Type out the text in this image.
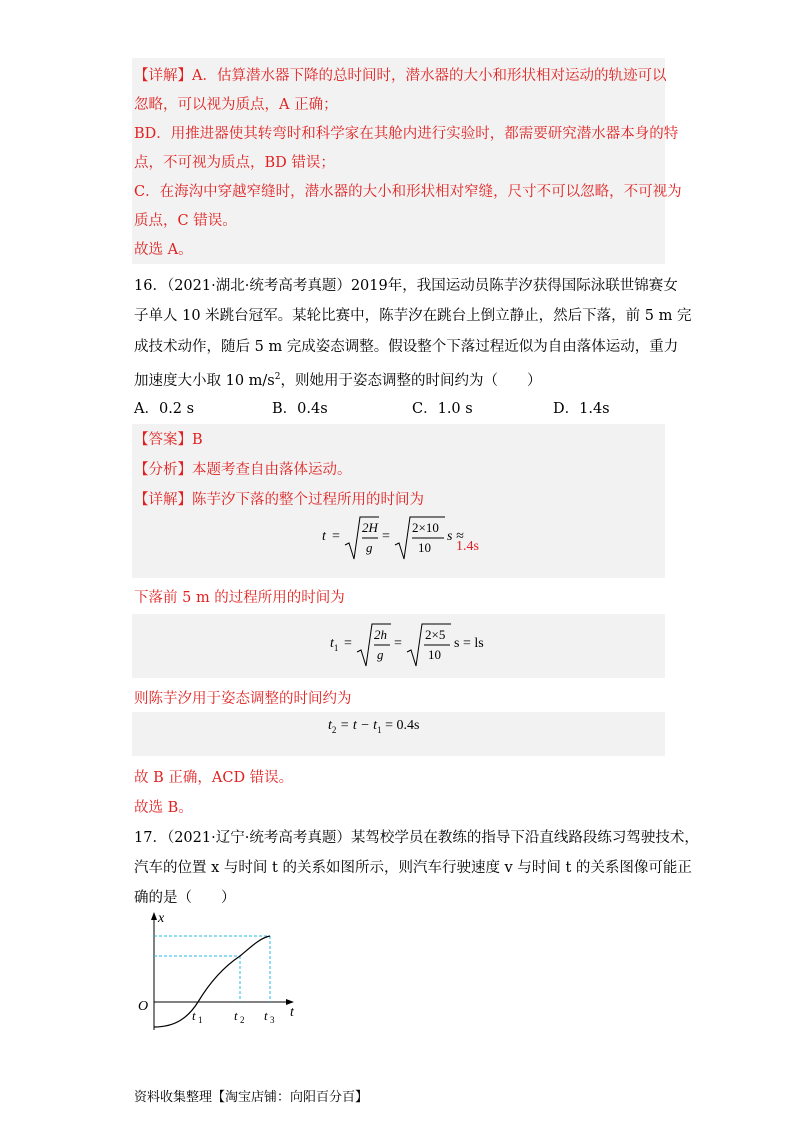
【详解】A．估算潜水器下降的总时间时，潜水器的大小和形状相对运动的轨迹可以
忽略，可以视为质点，A 正确；
BD．用推进器使其转弯时和科学家在其舱内进行实验时，都需要研究潜水器本身的特
点，不可视为质点，BD 错误；
C．在海沟中穿越窄缝时，潜水器的大小和形状相对窄缝，尺寸不可以忽略，不可视为
质点，C 错误。
故选 A。
16．（2021·湖北·统考高考真题）2019年，我国运动员陈芋汐获得国际泳联世锦赛女
子单人 10 米跳台冠军。某轮比赛中，陈芋汐在跳台上倒立静止，然后下落，前 5 m 完
成技术动作，随后 5 m 完成姿态调整。假设整个下落过程近似为自由落体运动，重力
加速度大小取 10 $m/s^2$，则她用于姿态调整的时间约为（　　）
A．0.2 s	B．0.4s	C．1.0 s	D．1.4s
【答案】B
【分析】本题考查自由落体运动。
【详解】陈芋汐下落的整个过程所用的时间为
t =
2H
g
=
2×10
10
s ≈
1.4s
下落前 5 m 的过程所用的时间为
$t_1$ =
2h
g
=
2×5
10
s = ls
则陈芋汐用于姿态调整的时间约为
$t_2 = t - t_1 = 0.4s$
故 B 正确，ACD 错误。
故选 B。
17．（2021·辽宁·统考高考真题）某驾校学员在教练的指导下沿直线路段练习驾驶技术，
汽车的位置 x 与时间 t 的关系如图所示，则汽车行驶速度 v 与时间 t 的关系图像可能正
确的是（　　）
x
t
O
t 1 t 2 t 3
资料收集整理【淘宝店铺：向阳百分百】
